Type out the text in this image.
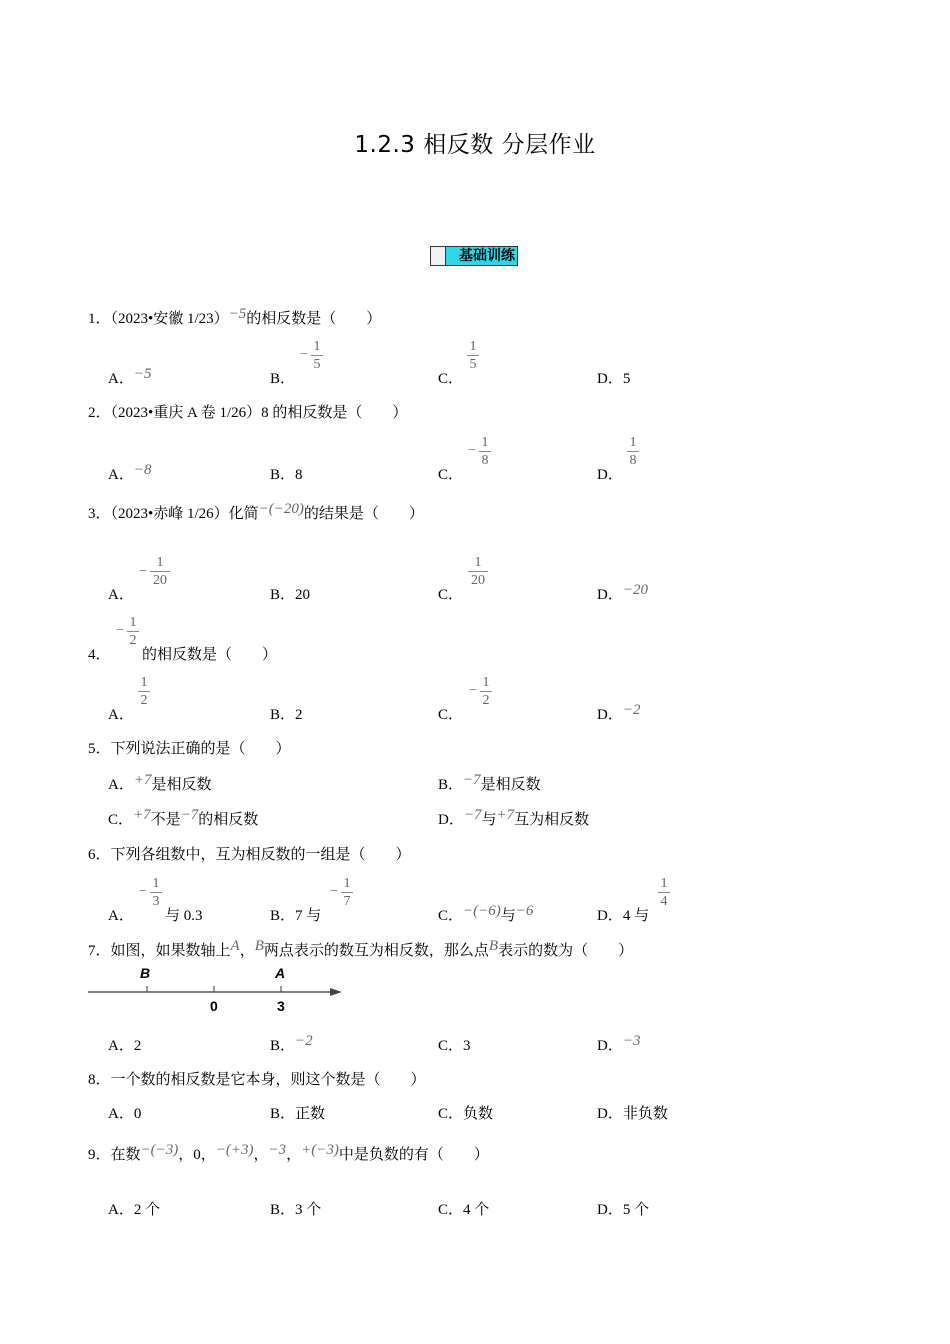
1.2.3 相反数 分层作业
基础训练
1．（2023•安徽 1/23）−5的相反数是（　　）
A．−5	B．
−
1
5
C．
1
5
D．5
2．（2023•重庆 A 卷 1/26）8 的相反数是（　　）
A．−8	B．8	C．
−
1
8
D．
1
8
3．（2023•赤峰 1/26）化简−(−20)的结果是（　　）
A．
−
1
20
B．20	C．
1
20
D．−20
4．
−
1
2
的相反数是（　　）
A．
1
2
B．2	C．
−
1
2
D．−2
5．下列说法正确的是（　　）
A．+7是相反数	B．−7是相反数
C．+7不是−7的相反数	D．−7与+7互为相反数
6．下列各组数中，互为相反数的一组是（　　）
A．
−
1
3
与 0.3	B．7 与
−
1
7
C．−(−6)与−6	D．4 与
1
4
7．如图，如果数轴上A，B两点表示的数互为相反数，那么点B表示的数为（　　）
B	A
0	3
A．2	B．−2	C．3	D．−3
8．一个数的相反数是它本身，则这个数是（　　）
A．0	B．正数	C．负数	D．非负数
9．在数−(−3)，0，−(+3)，−3，+(−3)中是负数的有（　　）
A．2 个	B．3 个	C．4 个	D．5 个
